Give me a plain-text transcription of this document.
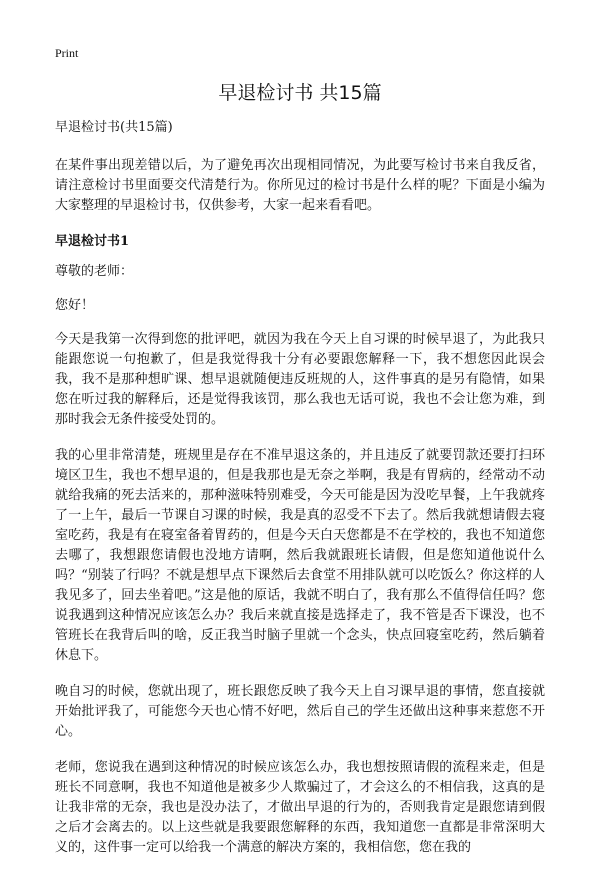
Print
早退检讨书 共15篇

早退检讨书(共15篇)

在某件事出现差错以后，为了避免再次出现相同情况，为此要写检讨书来自我反省，请注意检讨书里面要交代清楚行为。你所见过的检讨书是什么样的呢？下面是小编为大家整理的早退检讨书，仅供参考，大家一起来看看吧。

早退检讨书1

尊敬的老师：

您好！

今天是我第一次得到您的批评吧，就因为我在今天上自习课的时候早退了，为此我只能跟您说一句抱歉了，但是我觉得我十分有必要跟您解释一下，我不想您因此误会我，我不是那种想旷课、想早退就随便违反班规的人，这件事真的是另有隐情，如果您在听过我的解释后，还是觉得我该罚，那么我也无话可说，我也不会让您为难，到那时我会无条件接受处罚的。

我的心里非常清楚，班规里是存在不准早退这条的，并且违反了就要罚款还要打扫环境区卫生，我也不想早退的，但是我那也是无奈之举啊，我是有胃病的，经常动不动就给我痛的死去活来的，那种滋味特别难受，今天可能是因为没吃早餐，上午我就疼了一上午，最后一节课自习课的时候，我是真的忍受不下去了。然后我就想请假去寝室吃药，我是有在寝室备着胃药的，但是今天白天您都是不在学校的，我也不知道您去哪了，我想跟您请假也没地方请啊，然后我就跟班长请假，但是您知道他说什么吗？“别装了行吗？不就是想早点下课然后去食堂不用排队就可以吃饭么？你这样的人我见多了，回去坐着吧。”这是他的原话，我就不明白了，我有那么不值得信任吗？您说我遇到这种情况应该怎么办？我后来就直接是选择走了，我不管是否下课没，也不管班长在我背后叫的啥，反正我当时脑子里就一个念头，快点回寝室吃药，然后躺着休息下。

晚自习的时候，您就出现了，班长跟您反映了我今天上自习课早退的事情，您直接就开始批评我了，可能您今天也心情不好吧，然后自己的学生还做出这种事来惹您不开心。

老师，您说我在遇到这种情况的时候应该怎么办，我也想按照请假的流程来走，但是班长不同意啊，我也不知道他是被多少人欺骗过了，才会这么的不相信我，这真的是让我非常的无奈，我也是没办法了，才做出早退的行为的，否则我肯定是跟您请到假之后才会离去的。以上这些就是我要跟您解释的东西，我知道您一直都是非常深明大义的，这件事一定可以给我一个满意的解决方案的，我相信您，您在我的
